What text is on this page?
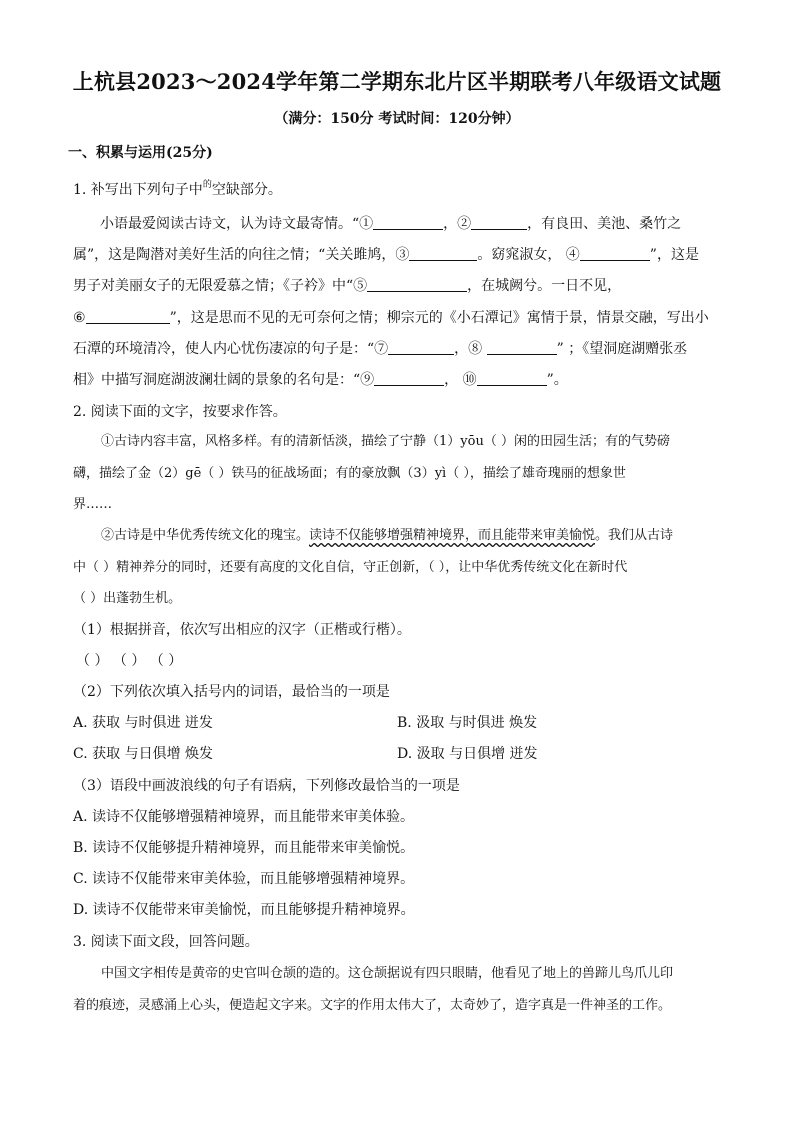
上杭县2023～2024学年第二学期东北片区半期联考八年级语文试题
（满分：150分 考试时间：120分钟）
一、积累与运用(25分)
1. 补写出下列句子中$^的$空缺部分。
小语最爱阅读古诗文，认为诗文最寄情。“①	，②	，有良田、美池、桑竹之
属”，这是陶潜对美好生活的向往之情；“关关雎鸠，③	。窈窕淑女， ④	”，这是
男子对美丽女子的无限爱慕之情；《子衿》中“⑤	，在城阙兮。一日不见，
⑥	”，这是思而不见的无可奈何之情；柳宗元的《小石潭记》寓情于景，情景交融，写出小
石潭的环境清冷，使人内心忧伤凄凉的句子是：“⑦	，⑧	” ；《望洞庭湖赠张丞
相》中描写洞庭湖波澜壮阔的景象的名句是：“⑨	， ⑩	”。
2. 阅读下面的文字，按要求作答。
①古诗内容丰富，风格多样。有的清新恬淡，描绘了宁静（1）yōu（ ）闲的田园生活；有的气势磅
礴，描绘了金（2）gē（ ）铁马的征战场面；有的豪放飘（3）yì（ ），描绘了雄奇瑰丽的想象世
界……
②古诗是中华优秀传统文化的瑰宝。读诗不仅能够增强精神境界，而且能带来审美愉悦。我们从古诗
中（ ）精神养分的同时，还要有高度的文化自信，守正创新，（ ），让中华优秀传统文化在新时代
（ ）出蓬勃生机。
（1）根据拼音，依次写出相应的汉字（正楷或行楷）。
（ ） （ ） （ ）
（2）下列依次填入括号内的词语，最恰当的一项是
A. 获取 与时俱进 迸发	B. 汲取 与时俱进 焕发
C. 获取 与日俱增 焕发	D. 汲取 与日俱增 迸发
（3）语段中画波浪线的句子有语病，下列修改最恰当的一项是
A. 读诗不仅能够增强精神境界，而且能带来审美体验。
B. 读诗不仅能够提升精神境界，而且能带来审美愉悦。
C. 读诗不仅能带来审美体验，而且能够增强精神境界。
D. 读诗不仅能带来审美愉悦，而且能够提升精神境界。
3. 阅读下面文段，回答问题。
中国文字相传是黄帝的史官叫仓颉的造的。这仓颉据说有四只眼睛，他看见了地上的兽蹄儿鸟爪儿印
着的痕迹，灵感涌上心头，便造起文字来。文字的作用太伟大了，太奇妙了，造字真是一件神圣的工作。
